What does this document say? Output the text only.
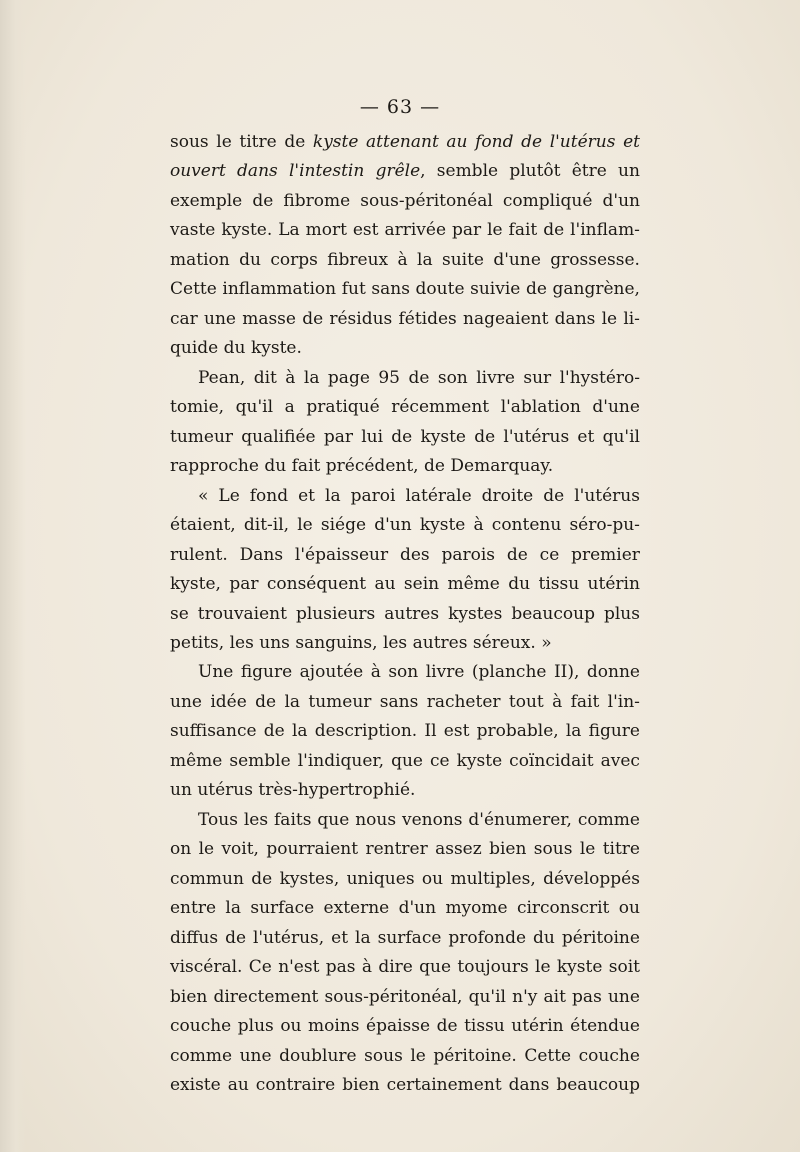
— 63 —
sous le titre de kyste attenant au fond de l'utérus et
ouvert dans l'intestin grêle, semble plutôt être un
exemple de fibrome sous-péritonéal compliqué d'un
vaste kyste. La mort est arrivée par le fait de l'inflam-
mation du corps fibreux à la suite d'une grossesse.
Cette inflammation fut sans doute suivie de gangrène,
car une masse de résidus fétides nageaient dans le li-
quide du kyste.
Pean, dit à la page 95 de son livre sur l'hystéro-
tomie, qu'il a pratiqué récemment l'ablation d'une
tumeur qualifiée par lui de kyste de l'utérus et qu'il
rapproche du fait précédent, de Demarquay.
« Le fond et la paroi latérale droite de l'utérus
étaient, dit-il, le siége d'un kyste à contenu séro-pu-
rulent. Dans l'épaisseur des parois de ce premier
kyste, par conséquent au sein même du tissu utérin
se trouvaient plusieurs autres kystes beaucoup plus
petits, les uns sanguins, les autres séreux. »
Une figure ajoutée à son livre (planche II), donne
une idée de la tumeur sans racheter tout à fait l'in-
suffisance de la description. Il est probable, la figure
même semble l'indiquer, que ce kyste coïncidait avec
un utérus très-hypertrophié.
Tous les faits que nous venons d'énumerer, comme
on le voit, pourraient rentrer assez bien sous le titre
commun de kystes, uniques ou multiples, développés
entre la surface externe d'un myome circonscrit ou
diffus de l'utérus, et la surface profonde du péritoine
viscéral. Ce n'est pas à dire que toujours le kyste soit
bien directement sous-péritonéal, qu'il n'y ait pas une
couche plus ou moins épaisse de tissu utérin étendue
comme une doublure sous le péritoine. Cette couche
existe au contraire bien certainement dans beaucoup
